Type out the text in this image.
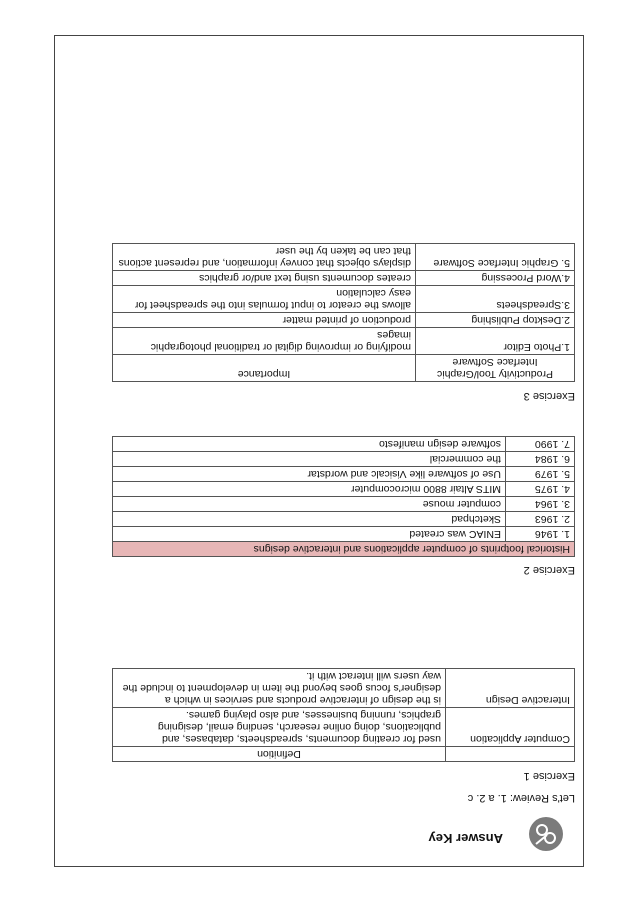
Answer Key
Let's Review: 1. a 2. c
Exercise 1
	Definition
Computer Application	used for creating documents, spreadsheets, databases, and publications, doing online research, sending email, designing graphics, running businesses, and also playing games.
Interactive Design	is the design of interactive products and services in which a designer's focus goes beyond the item in development to include the way users will interact with it.
Exercise 2
Historical footprints of computer applications and interactive designs	
1. 1946	ENIAC was created
2. 1963	Sketchpad
3. 1964	computer mouse
4. 1975	MITS Altair 8800 microcomputer
5. 1979	Use of software like Visicalc and wordstar
6. 1984	the commercial
7. 1990	software design manifesto
Exercise 3
Productivity Tool/Graphic Interface Software	Importance
1.Photo Editor	modifying or improving digital or traditional photographic images
2.Desktop Publishing	production of printed matter
3.Spreadsheets	allows the creator to input formulas into the spreadsheet for easy calculation
4.Word Processing	creates documents using text and/or graphics
5. Graphic Interface Software	displays objects that convey information, and represent actions that can be taken by the user
